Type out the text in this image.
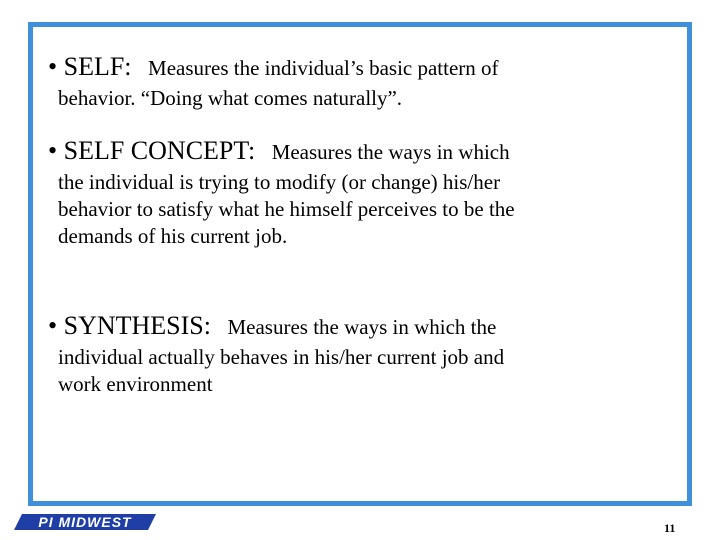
• SELF: Measures the individual’s basic pattern of
behavior. “Doing what comes naturally”.
• SELF CONCEPT: Measures the ways in which
the individual is trying to modify (or change) his/her
behavior to satisfy what he himself perceives to be the
demands of his current job.
• SYNTHESIS: Measures the ways in which the
individual actually behaves in his/her current job and
work environment
PI MIDWEST	11
